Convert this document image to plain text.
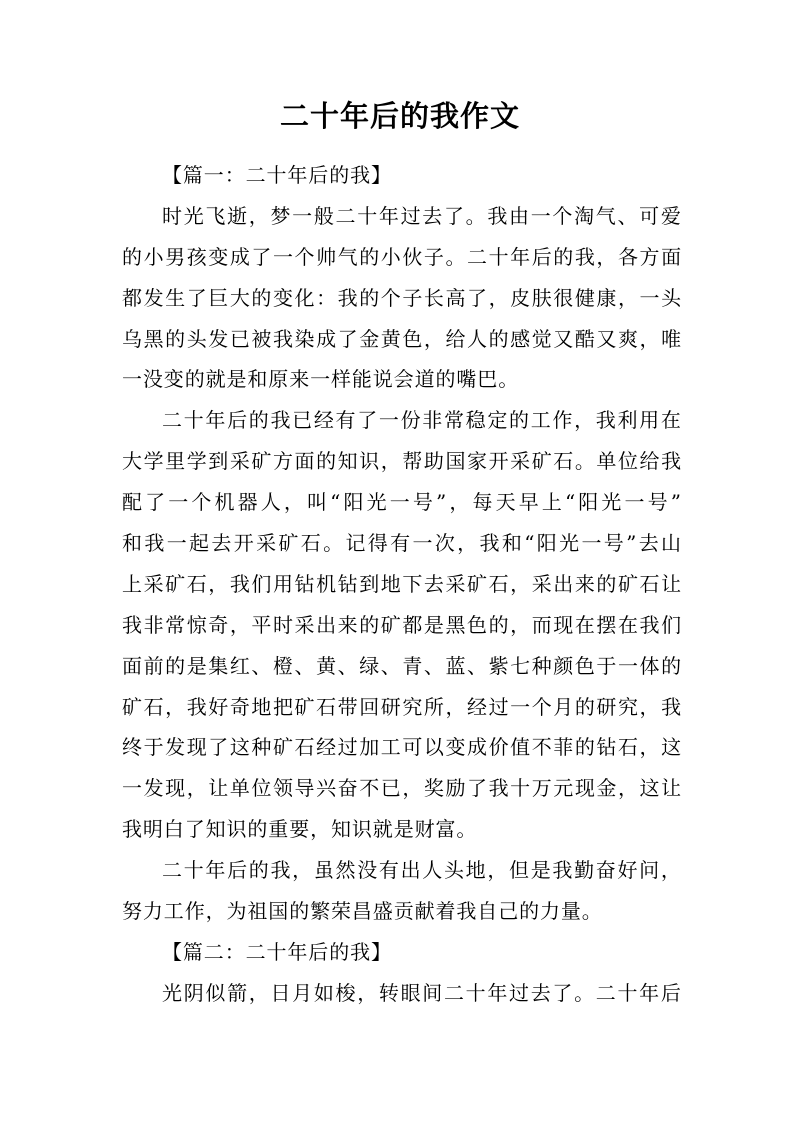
二十年后的我作文
【篇一：二十年后的我】
时 光 飞 逝 ， 梦 一 般 二 十 年 过 去 了 。 我 由 一 个 淘 气 、 可 爱
的 小 男 孩 变 成 了 一 个 帅 气 的 小 伙 子 。 二 十 年 后 的 我 ， 各 方 面
都 发 生 了 巨 大 的 变 化 ： 我 的 个 子 长 高 了 ， 皮 肤 很 健 康 ， 一 头
乌 黑 的 头 发 已 被 我 染 成 了 金 黄 色 ， 给 人 的 感 觉 又 酷 又 爽 ， 唯
一没变的就是和原来一样能说会道的嘴巴。
二 十 年 后 的 我 已 经 有 了 一 份 非 常 稳 定 的 工 作 ， 我 利 用 在
大 学 里 学 到 采 矿 方 面 的 知 识 ， 帮 助 国 家 开 采 矿 石 。 单 位 给 我
配 了 一 个 机 器 人 ， 叫 “ 阳 光 一 号 ” ， 每 天 早 上 “ 阳 光 一 号 ”
和 我 一 起 去 开 采 矿 石 。 记 得 有 一 次 ， 我 和 “ 阳 光 一 号 ” 去 山
上 采 矿 石 ， 我 们 用 钻 机 钻 到 地 下 去 采 矿 石 ， 采 出 来 的 矿 石 让
我 非 常 惊 奇 ， 平 时 采 出 来 的 矿 都 是 黑 色 的 ， 而 现 在 摆 在 我 们
面 前 的 是 集 红 、 橙 、 黄 、 绿 、 青 、 蓝 、 紫 七 种 颜 色 于 一 体 的
矿 石 ， 我 好 奇 地 把 矿 石 带 回 研 究 所 ， 经 过 一 个 月 的 研 究 ， 我
终 于 发 现 了 这 种 矿 石 经 过 加 工 可 以 变 成 价 值 不 菲 的 钻 石 ， 这
一 发 现 ， 让 单 位 领 导 兴 奋 不 已 ， 奖 励 了 我 十 万 元 现 金 ， 这 让
我明白了知识的重要，知识就是财富。
二 十 年 后 的 我 ， 虽 然 没 有 出 人 头 地 ， 但 是 我 勤 奋 好 问 ，
努力工作，为祖国的繁荣昌盛贡献着我自己的力量。
【篇二：二十年后的我】
光 阴 似 箭 ， 日 月 如 梭 ， 转 眼 间 二 十 年 过 去 了 。 二 十 年 后
